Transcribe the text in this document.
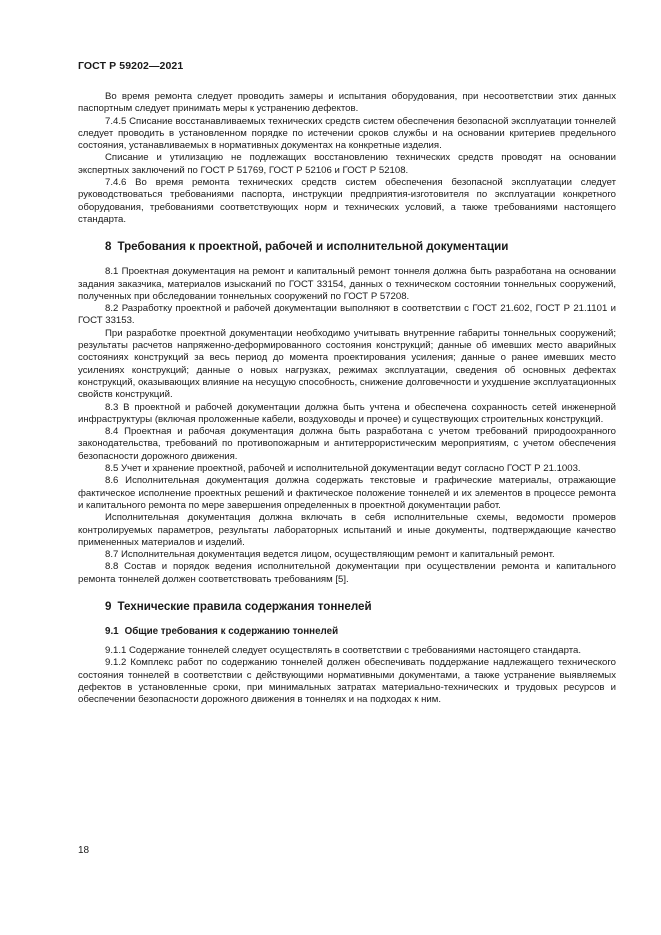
ГОСТ Р 59202—2021

Во время ремонта следует проводить замеры и испытания оборудования, при несоответствии этих данных паспортным следует принимать меры к устранению дефектов.

7.4.5 Списание восстанавливаемых технических средств систем обеспечения безопасной эксплуатации тоннелей следует проводить в установленном порядке по истечении сроков службы и на основании критериев предельного состояния, устанавливаемых в нормативных документах на конкретные изделия.

Списание и утилизацию не подлежащих восстановлению технических средств проводят на основании экспертных заключений по ГОСТ Р 51769, ГОСТ Р 52106 и ГОСТ Р 52108.

7.4.6 Во время ремонта технических средств систем обеспечения безопасной эксплуатации следует руководствоваться требованиями паспорта, инструкции предприятия-изготовителя по эксплуатации конкретного оборудования, требованиями соответствующих норм и технических условий, а также требованиями настоящего стандарта.

8 Требования к проектной, рабочей и исполнительной документации

8.1 Проектная документация на ремонт и капитальный ремонт тоннеля должна быть разработана на основании задания заказчика, материалов изысканий по ГОСТ 33154, данных о техническом состоянии тоннельных сооружений, полученных при обследовании тоннельных сооружений по ГОСТ Р 57208.

8.2 Разработку проектной и рабочей документации выполняют в соответствии с ГОСТ 21.602, ГОСТ Р 21.1101 и ГОСТ 33153.

При разработке проектной документации необходимо учитывать внутренние габариты тоннельных сооружений; результаты расчетов напряженно-деформированного состояния конструкций; данные об имевших место аварийных состояниях конструкций за весь период до момента проектирования усиления; данные о ранее имевших место усилениях конструкций; данные о новых нагрузках, режимах эксплуатации, сведения об основных дефектах конструкций, оказывающих влияние на несущую способность, снижение долговечности и ухудшение эксплуатационных свойств конструкций.

8.3 В проектной и рабочей документации должна быть учтена и обеспечена сохранность сетей инженерной инфраструктуры (включая проложенные кабели, воздуховоды и прочее) и существующих строительных конструкций.

8.4 Проектная и рабочая документация должна быть разработана с учетом требований природоохранного законодательства, требований по противопожарным и антитеррористическим мероприятиям, с учетом обеспечения безопасности дорожного движения.

8.5 Учет и хранение проектной, рабочей и исполнительной документации ведут согласно ГОСТ Р 21.1003.

8.6 Исполнительная документация должна содержать текстовые и графические материалы, отражающие фактическое исполнение проектных решений и фактическое положение тоннелей и их элементов в процессе ремонта и капитального ремонта по мере завершения определенных в проектной документации работ.

Исполнительная документация должна включать в себя исполнительные схемы, ведомости промеров контролируемых параметров, результаты лабораторных испытаний и иные документы, подтверждающие качество примененных материалов и изделий.

8.7 Исполнительная документация ведется лицом, осуществляющим ремонт и капитальный ремонт.

8.8 Состав и порядок ведения исполнительной документации при осуществлении ремонта и капитального ремонта тоннелей должен соответствовать требованиям [5].

9 Технические правила содержания тоннелей
9.1 Общие требования к содержанию тоннелей

9.1.1 Содержание тоннелей следует осуществлять в соответствии с требованиями настоящего стандарта.

9.1.2 Комплекс работ по содержанию тоннелей должен обеспечивать поддержание надлежащего технического состояния тоннелей в соответствии с действующими нормативными документами, а также устранение выявляемых дефектов в установленные сроки, при минимальных затратах материально-технических и трудовых ресурсов и обеспечении безопасности дорожного движения в тоннелях и на подходах к ним.

18
